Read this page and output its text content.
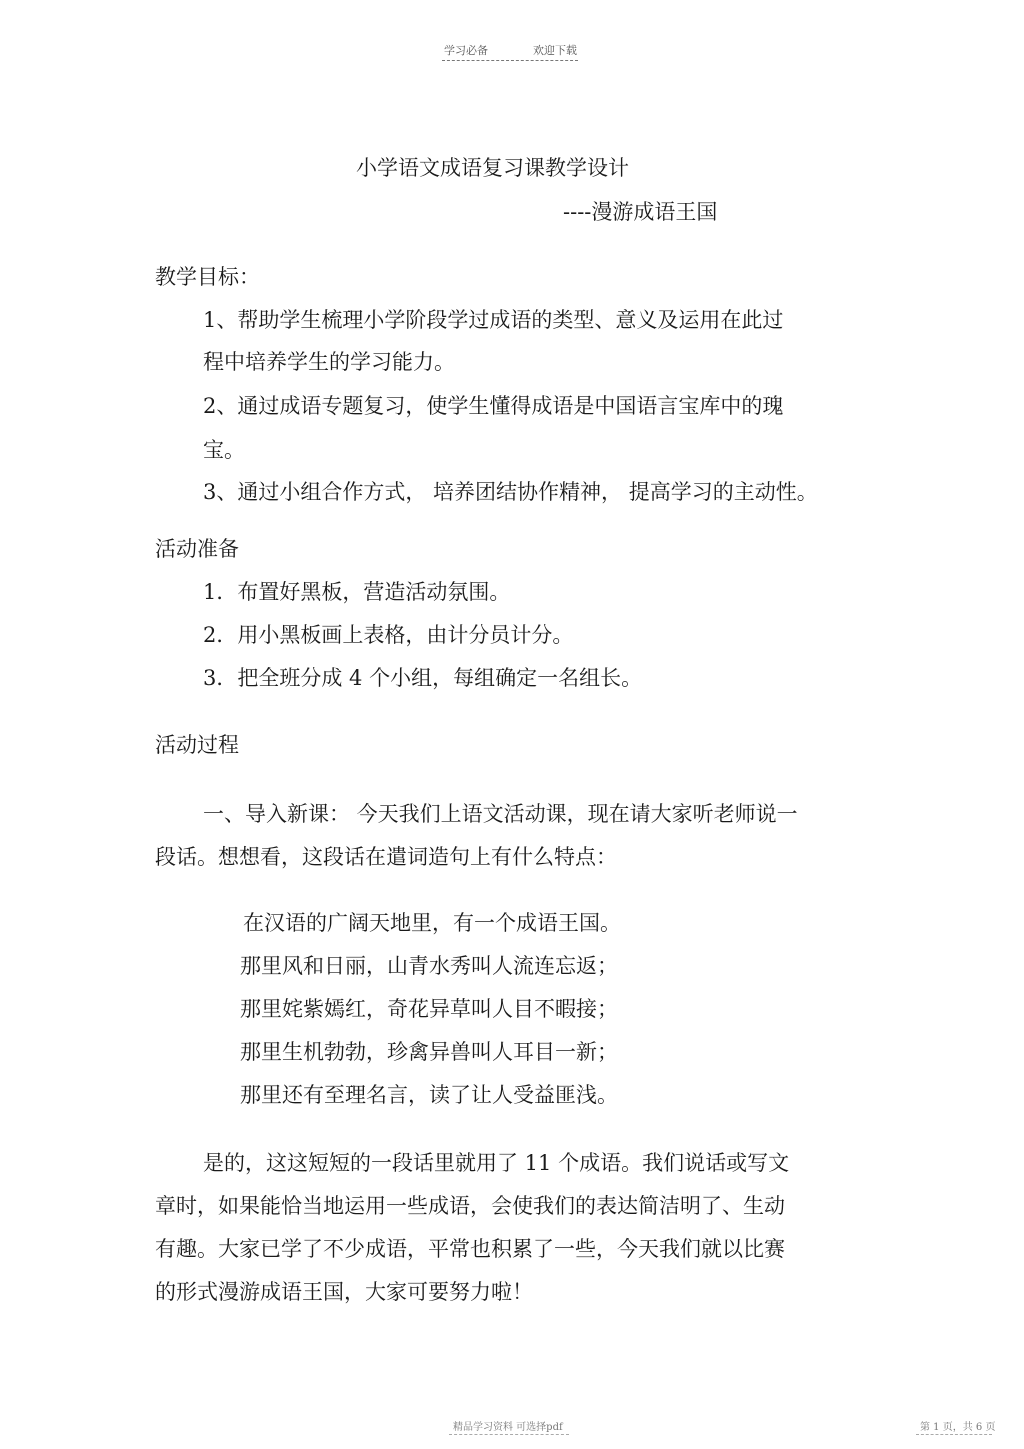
学习必备	欢迎下载
小学语文成语复习课教学设计
----漫游成语王国
教学目标：
1、帮助学生梳理小学阶段学过成语的类型、意义及运用在此过
程中培养学生的学习能力。
2、通过成语专题复习，使学生懂得成语是中国语言宝库中的瑰
宝。
3、通过小组合作方式， 培养团结协作精神， 提高学习的主动性。
活动准备
1．布置好黑板，营造活动氛围。
2．用小黑板画上表格，由计分员计分。
3．把全班分成 4 个小组，每组确定一名组长。
活动过程
一、导入新课： 今天我们上语文活动课，现在请大家听老师说一
段话。想想看，这段话在遣词造句上有什么特点：
在汉语的广阔天地里，有一个成语王国。
那里风和日丽，山青水秀叫人流连忘返；
那里姹紫嫣红，奇花异草叫人目不暇接；
那里生机勃勃，珍禽异兽叫人耳目一新；
那里还有至理名言，读了让人受益匪浅。
是的，这这短短的一段话里就用了 11 个成语。我们说话或写文
章时，如果能恰当地运用一些成语，会使我们的表达简洁明了、生动
有趣。大家已学了不少成语，平常也积累了一些，今天我们就以比赛
的形式漫游成语王国，大家可要努力啦！
精品学习资料 可选择pdf	第 1 页，共 6 页
